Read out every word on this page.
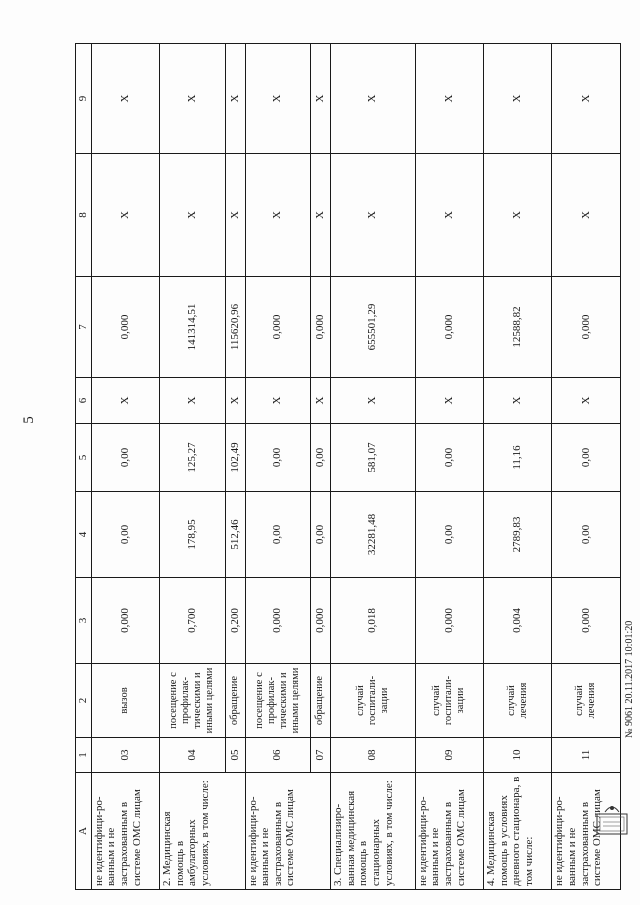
5
А	1	2	3	4	5	6	7	8	9
не идентифици-ро-ванным и не застрахованным в системе ОМС лицам	03	вызов	0,000	0,00	0,00	Х	0,000	Х	Х
2. Медицинская помощь в амбулаторных условиях, в том числе:	04	посещение с профилак-тическими и иными целями	0,700	178,95	125,27	Х	141314,51	Х	Х
	05	обращение	0,200	512,46	102,49	Х	115620,96	Х	Х
не идентифици-ро-ванным и не застрахованным в системе ОМС лицам	06	посещение с профилак-тическими и иными целями	0,000	0,00	0,00	Х	0,000	Х	Х
	07	обращение	0,000	0,00	0,00	Х	0,000	Х	Х
3. Специализиро-ванная медицинская помощь в стационарных условиях, в том числе:	08	случай госпитали-зации	0,018	32281,48	581,07	Х	655501,29	Х	Х
не идентифици-ро-ванным и не застрахованным в системе ОМС лицам	09	случай госпитали-зации	0,000	0,00	0,00	Х	0,000	Х	Х
4. Медицинская помощь в условиях дневного стационара, в том числе:	10	случай лечения	0,004	2789,83	11,16	Х	12588,82	Х	Х
не идентифици-ро-ванным и не застрахованным в системе ОМС лицам	11	случай лечения	0,000	0,00	0,00	Х	0,000	Х	Х
№ 9061 20.11.2017 10:01:20
